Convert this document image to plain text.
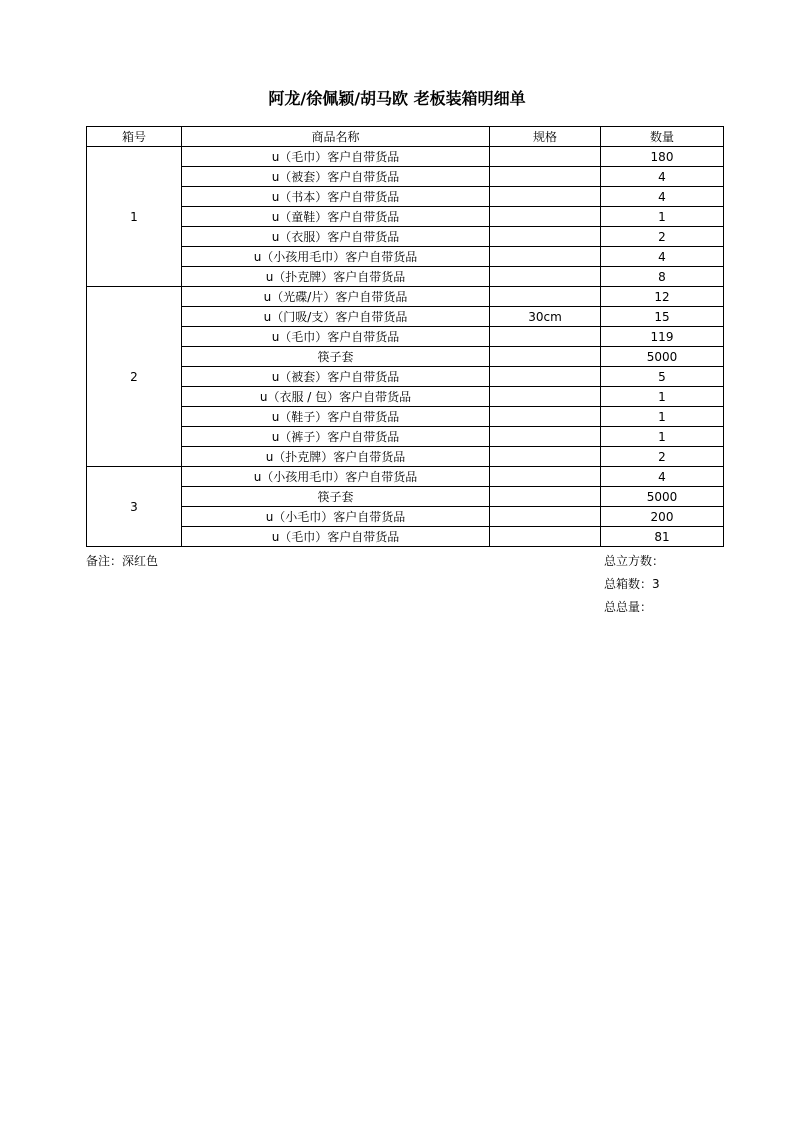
阿龙/徐佩颖/胡马欧 老板装箱明细单
箱号	商品名称	规格	数量
1	u（毛巾）客户自带货品		180
	u（被套）客户自带货品		4
	u（书本）客户自带货品		4
	u（童鞋）客户自带货品		1
	u（衣服）客户自带货品		2
	u（小孩用毛巾）客户自带货品		4
	u（扑克牌）客户自带货品		8
2	u（光碟/片）客户自带货品		12
	u（门吸/支）客户自带货品	30cm	15
	u（毛巾）客户自带货品		119
	筷子套		5000
	u（被套）客户自带货品		5
	u（衣服 / 包）客户自带货品		1
	u（鞋子）客户自带货品		1
	u（裤子）客户自带货品		1
	u（扑克牌）客户自带货品		2
3	u（小孩用毛巾）客户自带货品		4
	筷子套		5000
	u（小毛巾）客户自带货品		200
	u（毛巾）客户自带货品		81
备注：深红色	总立方数：
总箱数：3
总总量：
